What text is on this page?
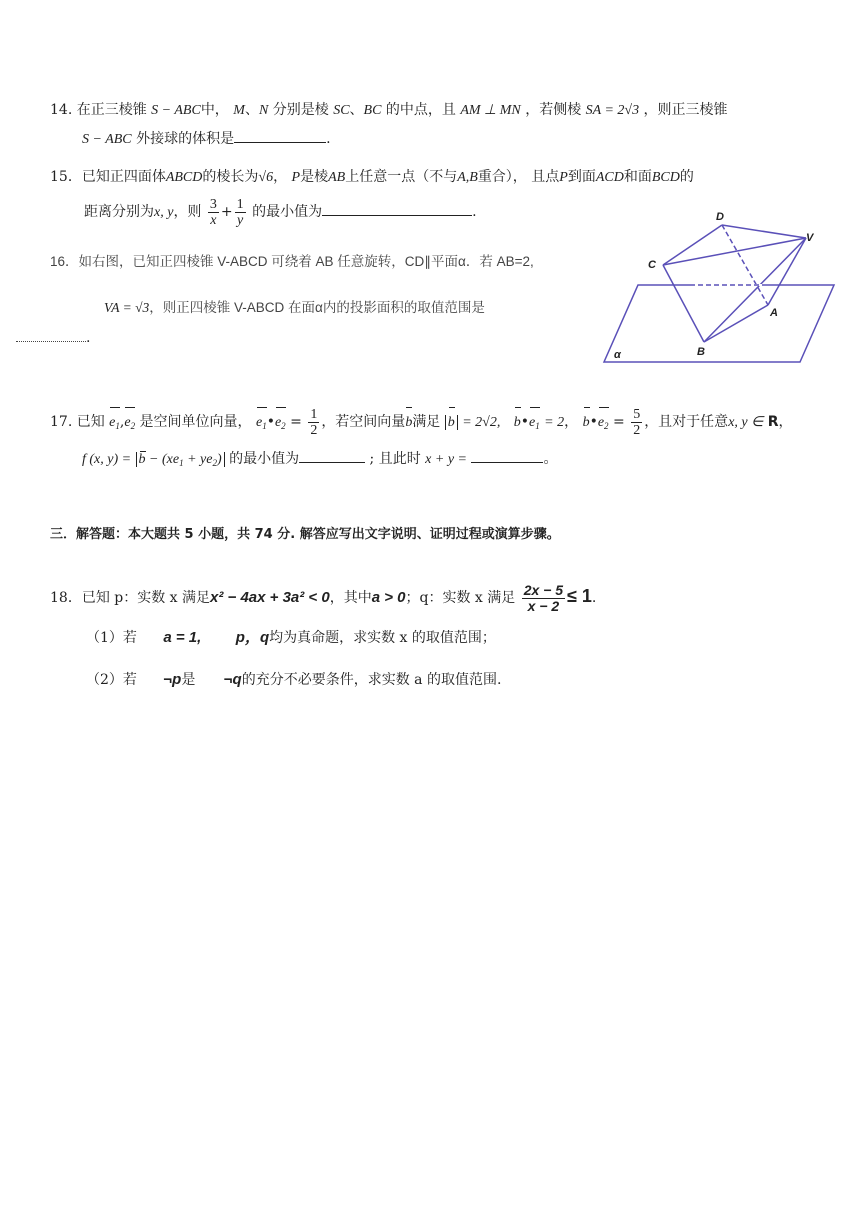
14. 在正三棱锥 S − ABC中， M、N 分别是棱 SC、BC 的中点，且 AM ⊥ MN ，若侧棱 SA = 2√3 ，则正三棱锥
S − ABC 外接球的体积是	.
15．已知正四面体ABCD的棱长为√6， P是棱AB上任意一点（不与A,B重合）， 且点P到面ACD和面BCD的
距离分别为x, y，则 $\frac{3}{x} + \frac{1}{y}$ 的最小值为	.
16．如右图，已知正四棱锥 V-ABCD 可绕着 AB 任意旋转，CD∥平面α．若 AB=2,
VA = √3，则正四棱锥 V-ABCD 在面α内的投影面积的取值范围是
.
D
V
C
A
B
α
17. 已知 $e_1,e_2$ 是空间单位向量， $e_1•e_2 = \frac{1}{2}$ ，若空间向量b满足 b = 2√2, $b•e_1 = 2$， $b•e_2 = \frac{5}{2}$ ，且对于任意x, y ∈ R，
f (x, $y) = b - (xe_1 + ye_2)$ 的最小值为	; 且此时 x + y =	。
三．解答题：本大题共 5 小题，共 74 分. 解答应写出文字说明、证明过程或演算步骤。
18．已知 p：实数 x 满足x² − 4ax + 3a² < 0，其中a > 0；q：实数 x 满足 $\frac{2x - 5}{x - 2} \le 1$.
（1）若 a = 1, p，q均为真命题，求实数 x 的取值范围；
（2）若 ¬p是 ¬q的充分不必要条件，求实数 a 的取值范围.
